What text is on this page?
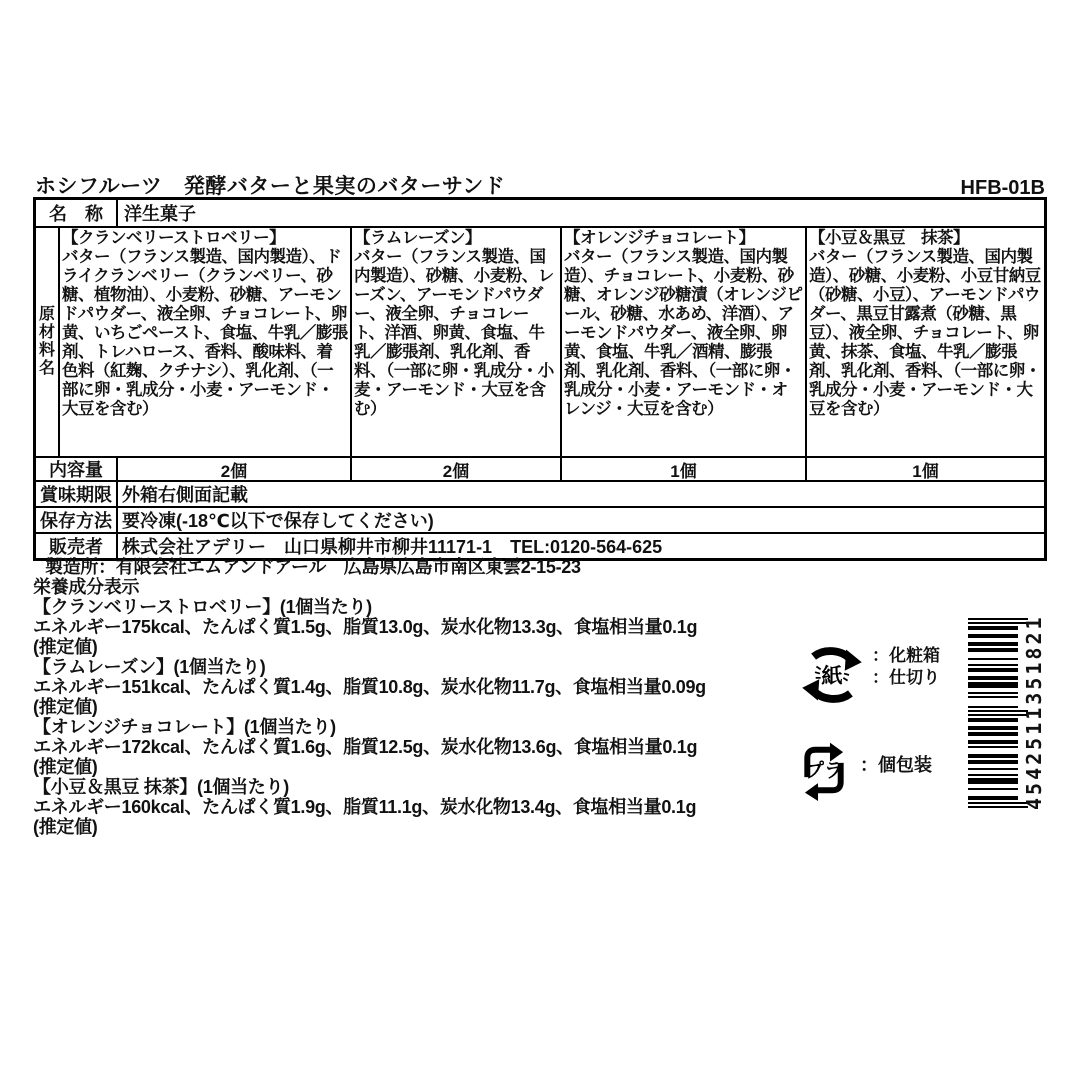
ホシフルーツ　発酵バターと果実のバターサンド	HFB-01B
名　称	洋生菓子
原材料名
【クランベリーストロベリー】
バター（フランス製造、国内製造）、ドライクランベリー（クランベリー、砂糖、植物油）、小麦粉、砂糖、アーモンドパウダー、液全卵、チョコレート、卵黄、いちごペースト、食塩、牛乳／膨張剤、トレハロース、香料、酸味料、着色料（紅麹、クチナシ）、乳化剤、（一部に卵・乳成分・小麦・アーモンド・大豆を含む）
【ラムレーズン】
バター（フランス製造、国内製造）、砂糖、小麦粉、レーズン、アーモンドパウダー、液全卵、チョコレート、洋酒、卵黄、食塩、牛乳／膨張剤、乳化剤、香料、（一部に卵・乳成分・小麦・アーモンド・大豆を含む）
【オレンジチョコレート】
バター（フランス製造、国内製造）、チョコレート、小麦粉、砂糖、オレンジ砂糖漬（オレンジピール、砂糖、水あめ、洋酒）、アーモンドパウダー、液全卵、卵黄、食塩、牛乳／酒精、膨張剤、乳化剤、香料、（一部に卵・乳成分・小麦・アーモンド・オレンジ・大豆を含む）
【小豆＆黒豆　抹茶】
バター（フランス製造、国内製造）、砂糖、小麦粉、小豆甘納豆（砂糖、小豆）、アーモンドパウダー、黒豆甘露煮（砂糖、黒豆）、液全卵、チョコレート、卵黄、抹茶、食塩、牛乳／膨張剤、乳化剤、香料、（一部に卵・乳成分・小麦・アーモンド・大豆を含む）
内容量	2個	2個	1個	1個
賞味期限 外箱右側面記載
保存方法 要冷凍(-18℃以下で保存してください)
販売者	株式会社アデリー　山口県柳井市柳井11171-1　TEL:0120-564-625

製造所：有限会社エムアンドアール　広島県広島市南区東雲2-15-23

栄養成分表示

【クランベリーストロベリー】(1個当たり)

エネルギー175kcal、たんぱく質1.5g、脂質13.0g、炭水化物13.3g、食塩相当量0.1g

(推定値)

【ラムレーズン】(1個当たり)

エネルギー151kcal、たんぱく質1.4g、脂質10.8g、炭水化物11.7g、食塩相当量0.09g

(推定値)

【オレンジチョコレート】(1個当たり)

エネルギー172kcal、たんぱく質1.6g、脂質12.5g、炭水化物13.6g、食塩相当量0.1g

(推定値)

【小豆＆黒豆 抹茶】(1個当たり)

エネルギー160kcal、たんぱく質1.9g、脂質11.1g、炭水化物13.4g、食塩相当量0.1g

(推定値)

紙
：化粧箱
：仕切り
プラ ：個包装	4542511351821
